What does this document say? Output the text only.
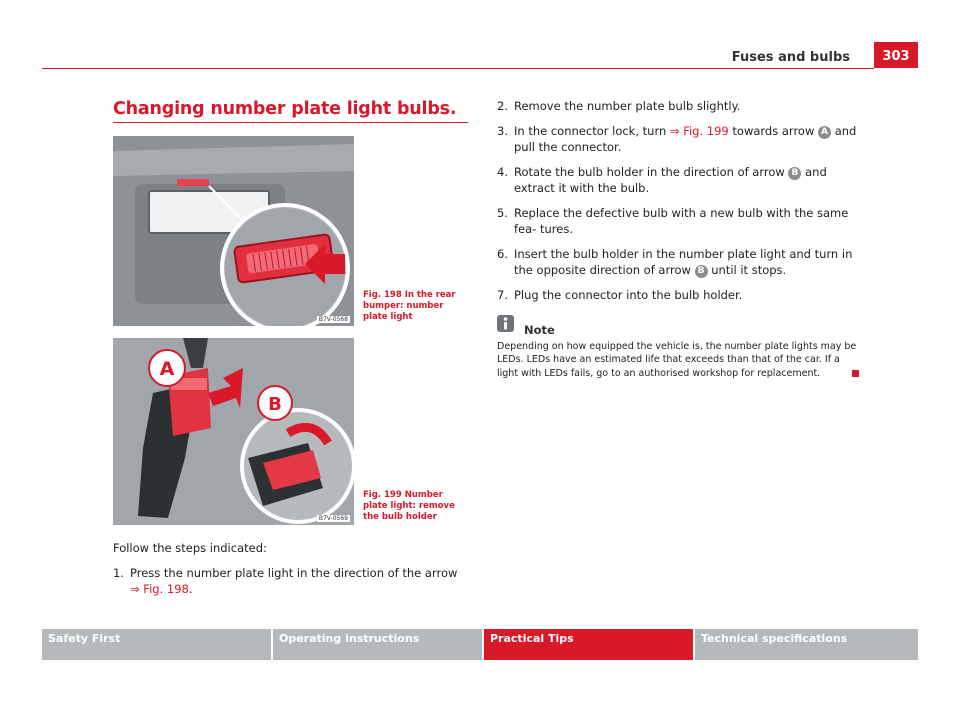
Fuses and bulbs	303
Changing number plate light bulbs.
B7V-0568
Fig. 198 In the rear bumper: number plate light
A
B
B7V-0569
Fig. 199 Number plate light: remove the bulb holder
Follow the steps indicated:
1. Press the number plate light in the direction of the arrow
⇒ Fig. 198.
2. Remove the number plate bulb slightly.
3. In the connector lock, turn ⇒ Fig. 199 towards arrow A and pull the connector.
4. Rotate the bulb holder in the direction of arrow B and extract it with the bulb.
5. Replace the defective bulb with a new bulb with the same fea- tures.
6. Insert the bulb holder in the number plate light and turn in the opposite direction of arrow B until it stops.
7. Plug the connector into the bulb holder.
Note
Depending on how equipped the vehicle is, the number plate lights may be LEDs. LEDs have an estimated life that exceeds than that of the car. If a light with LEDs fails, go to an authorised workshop for replacement.
Safety First	Operating instructions	Practical Tips	Technical specifications
